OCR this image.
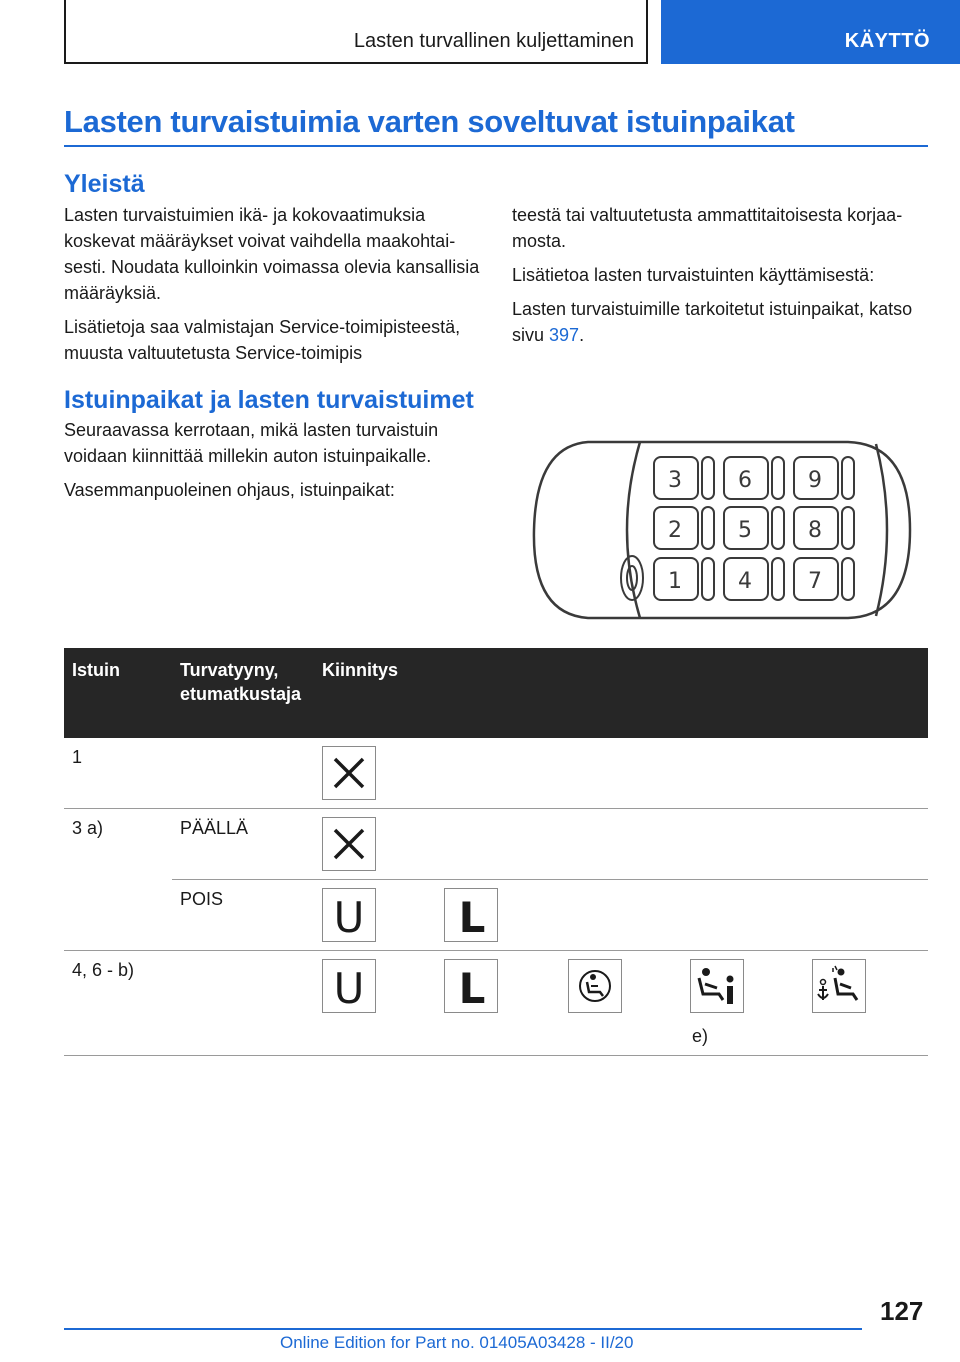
Lasten turvallinen kuljettaminen	KÄYTTÖ
Lasten turvaistuimia varten soveltuvat istuinpaikat
Yleistä

Lasten turvaistuimien ikä- ja kokovaatimuksia koskevat määräykset voivat vaihdella maakohtaisesti. Noudata kulloinkin voimassa olevia kansallisia määräyksiä.

Lisätietoja saa valmistajan Service-toimipisteestä, muusta valtuutetusta Service-toimipis

teestä tai valtuutetusta ammattitaitoisesta korjaamosta.

Lisätietoa lasten turvaistuinten käyttämisestä:

Lasten turvaistuimille tarkoitetut istuinpaikat, katso sivu 397.

Istuinpaikat ja lasten turvaistuimet

Seuraavassa kerrotaan, mikä lasten turvaistuin voidaan kiinnittää millekin auton istuinpaikalle.

Vasemmanpuoleinen ohjaus, istuinpaikat:	3	6	9
2	5	8
1	4	7
Istuin	Turvatyyny, etumatkustaja	Kiinnitys				
1		

3 a)	PÄÄLLÄ	

	POIS	U	L			

4, 6 - b)		U	L		e)

127
Online Edition for Part no. 01405A03428 - II/20
